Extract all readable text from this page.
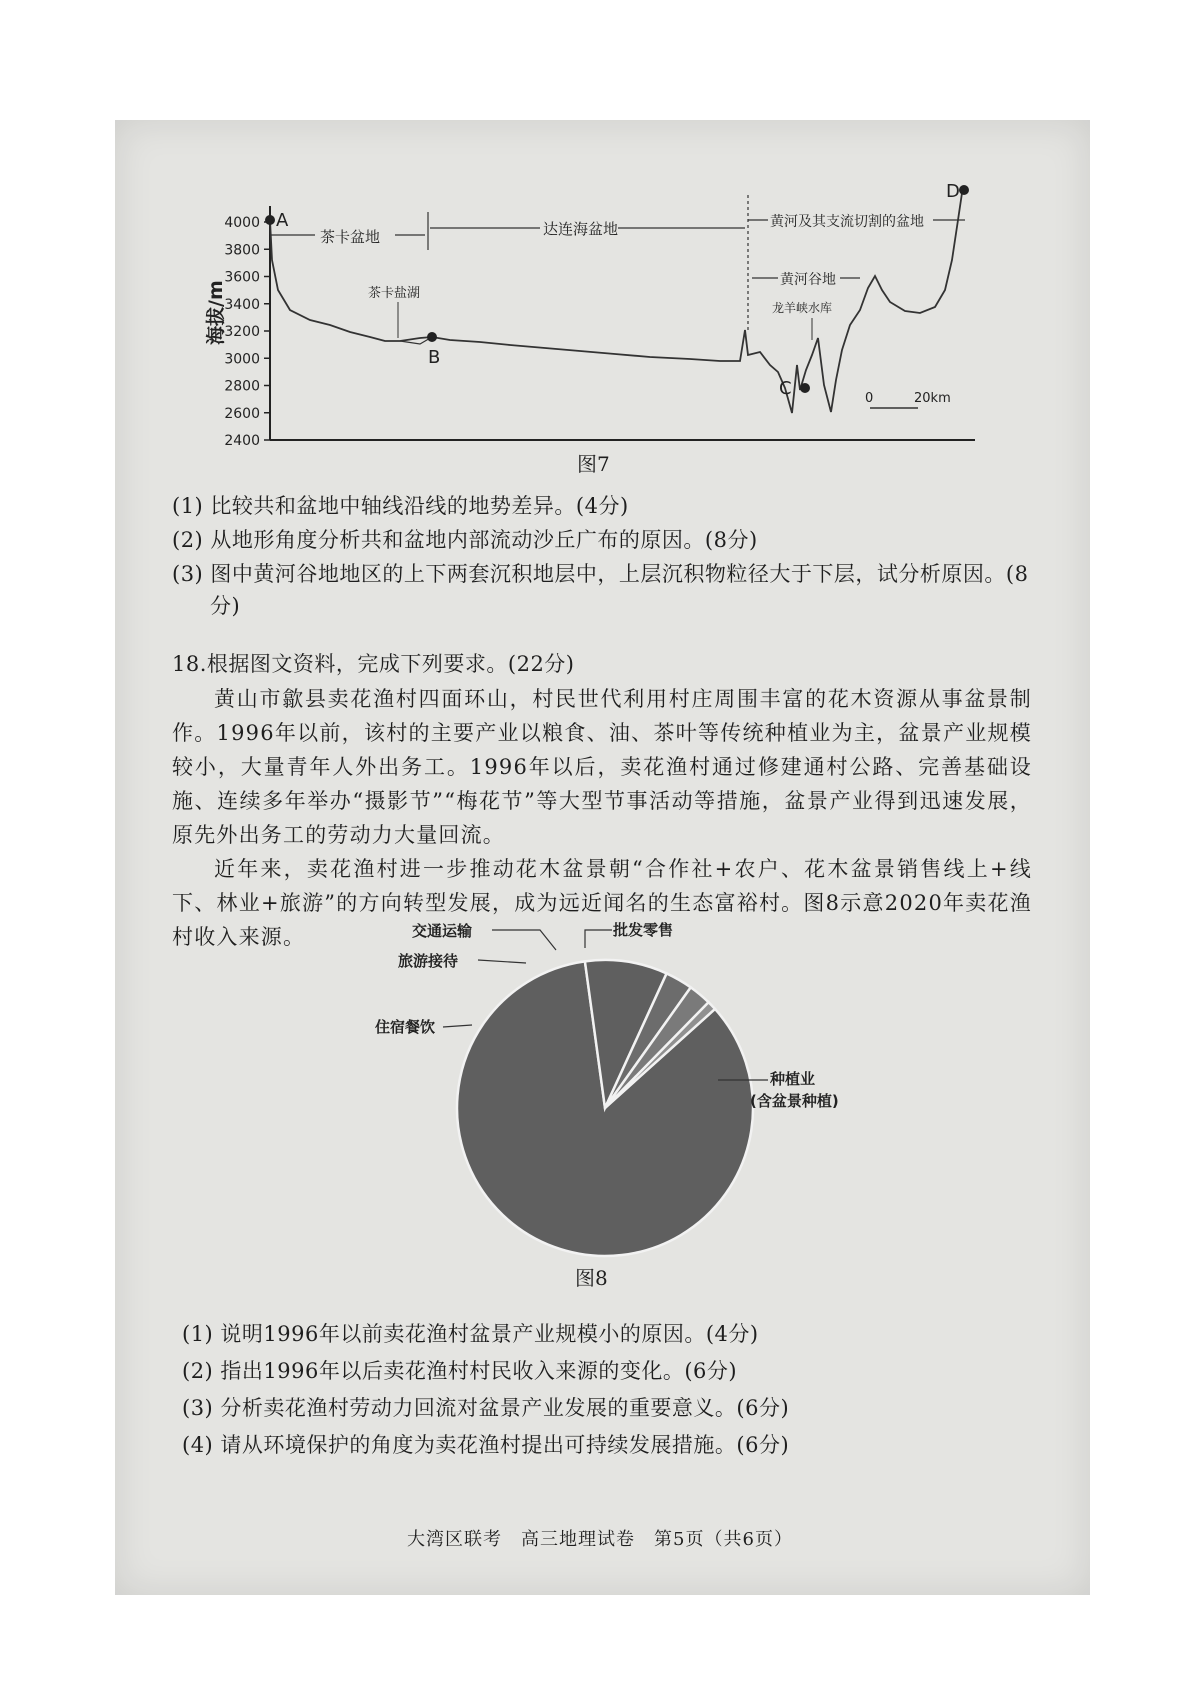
4000
3800
3600
3400
3200
3000
2800
2600
2400
海拔/m
A
B
C
D
茶卡盆地	达连海盆地	黄河及其支流切割的盆地
黄河谷地
茶卡盐湖
龙羊峡水库
0	20km
图7
(1) 比较共和盆地中轴线沿线的地势差异。(4分)
(2) 从地形角度分析共和盆地内部流动沙丘广布的原因。(8分)
(3) 图中黄河谷地地区的上下两套沉积地层中，上层沉积物粒径大于下层，试分析原因。(8
分)
18.根据图文资料，完成下列要求。(22分)

黄山市歙县卖花渔村四面环山，村民世代利用村庄周围丰富的花木资源从事盆景制作。1996年以前，该村的主要产业以粮食、油、茶叶等传统种植业为主，盆景产业规模较小，大量青年人外出务工。1996年以后，卖花渔村通过修建通村公路、完善基础设施、连续多年举办“摄影节”“梅花节”等大型节事活动等措施，盆景产业得到迅速发展，原先外出务工的劳动力大量回流。

近年来，卖花渔村进一步推动花木盆景朝“合作社+农户、花木盆景销售线上+线下、林业+旅游”的方向转型发展，成为远近闻名的生态富裕村。图8示意2020年卖花渔村收入来源。

种植业
(含盆景种植)
住宿餐饮
旅游接待
交通运输	批发零售
图8
(1) 说明1996年以前卖花渔村盆景产业规模小的原因。(4分)
(2) 指出1996年以后卖花渔村村民收入来源的变化。(6分)
(3) 分析卖花渔村劳动力回流对盆景产业发展的重要意义。(6分)
(4) 请从环境保护的角度为卖花渔村提出可持续发展措施。(6分)
大湾区联考　高三地理试卷　第5页（共6页）
